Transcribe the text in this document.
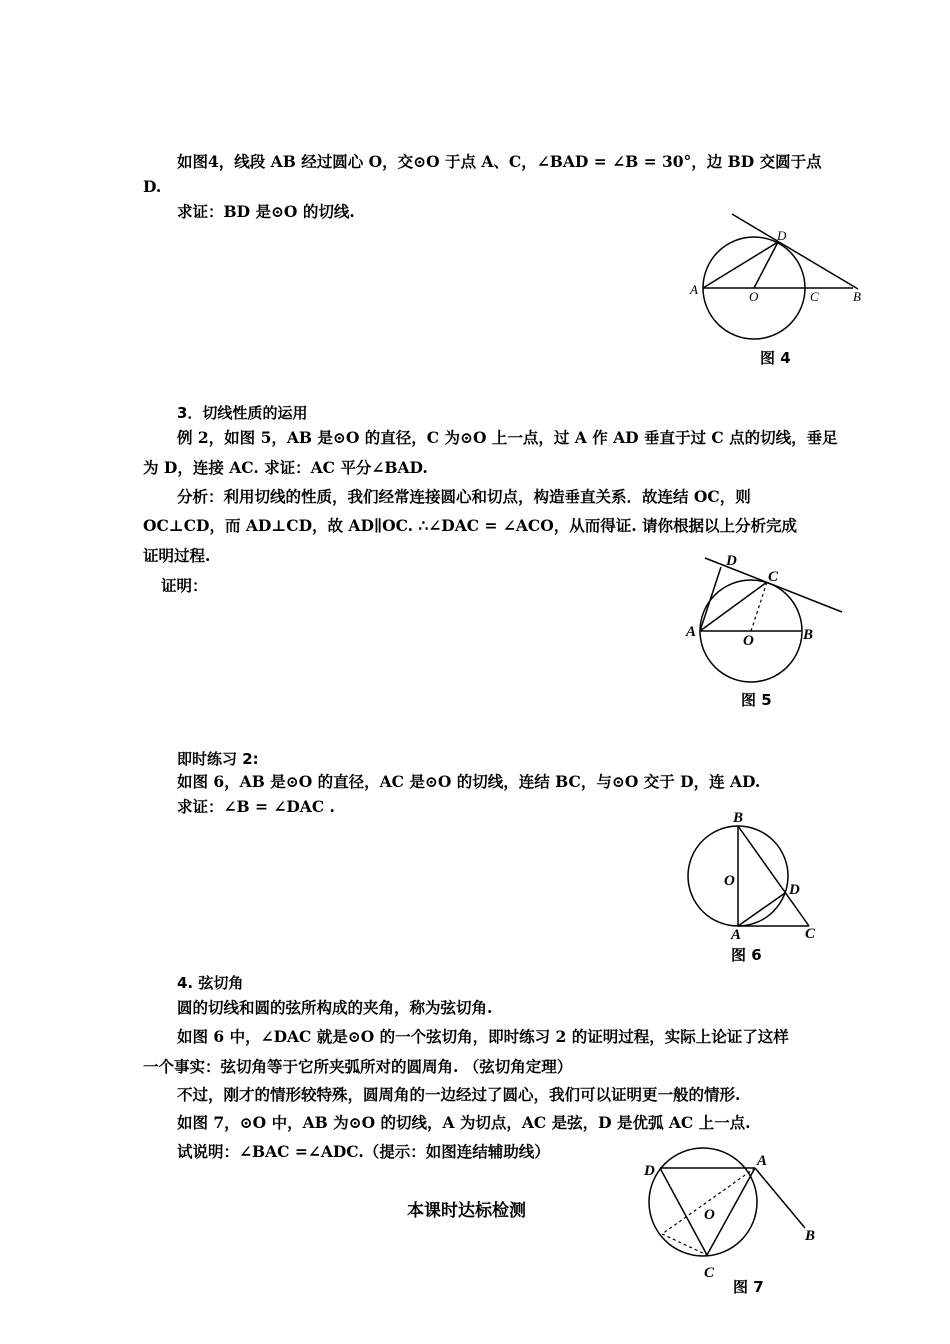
如图4，线段 AB 经过圆心 O，交⊙O 于点 A、C，∠BAD = ∠B = 30°，边 BD 交圆于点
D.
求证：BD 是⊙O 的切线.
A	O	C	B
D
图 4
3．切线性质的运用
例 2，如图 5，AB 是⊙O 的直径，C 为⊙O 上一点，过 A 作 AD 垂直于过 C 点的切线，垂足
为 D，连接 AC. 求证：AC 平分∠BAD.
分析：利用切线的性质，我们经常连接圆心和切点，构造垂直关系．故连结 OC，则
OC⊥CD，而 AD⊥CD，故 AD∥OC. ∴∠DAC = ∠ACO，从而得证. 请你根据以上分析完成
证明过程.
证明：
A
O	B
C
D
图 5
即时练习 2:
如图 6，AB 是⊙O 的直径，AC 是⊙O 的切线，连结 BC，与⊙O 交于 D，连 AD.
求证：∠B = ∠DAC .
B
O
D
A	C
图 6
4. 弦切角
圆的切线和圆的弦所构成的夹角，称为弦切角.
如图 6 中，∠DAC 就是⊙O 的一个弦切角，即时练习 2 的证明过程，实际上论证了这样
一个事实：弦切角等于它所夹弧所对的圆周角. （弦切角定理）
不过，刚才的情形较特殊，圆周角的一边经过了圆心，我们可以证明更一般的情形.
如图 7，⊙O 中，AB 为⊙O 的切线，A 为切点，AC 是弦，D 是优弧 AC 上一点.
试说明：∠BAC =∠ADC.（提示：如图连结辅助线）
本课时达标检测
D
A
O
B
C
图 7
